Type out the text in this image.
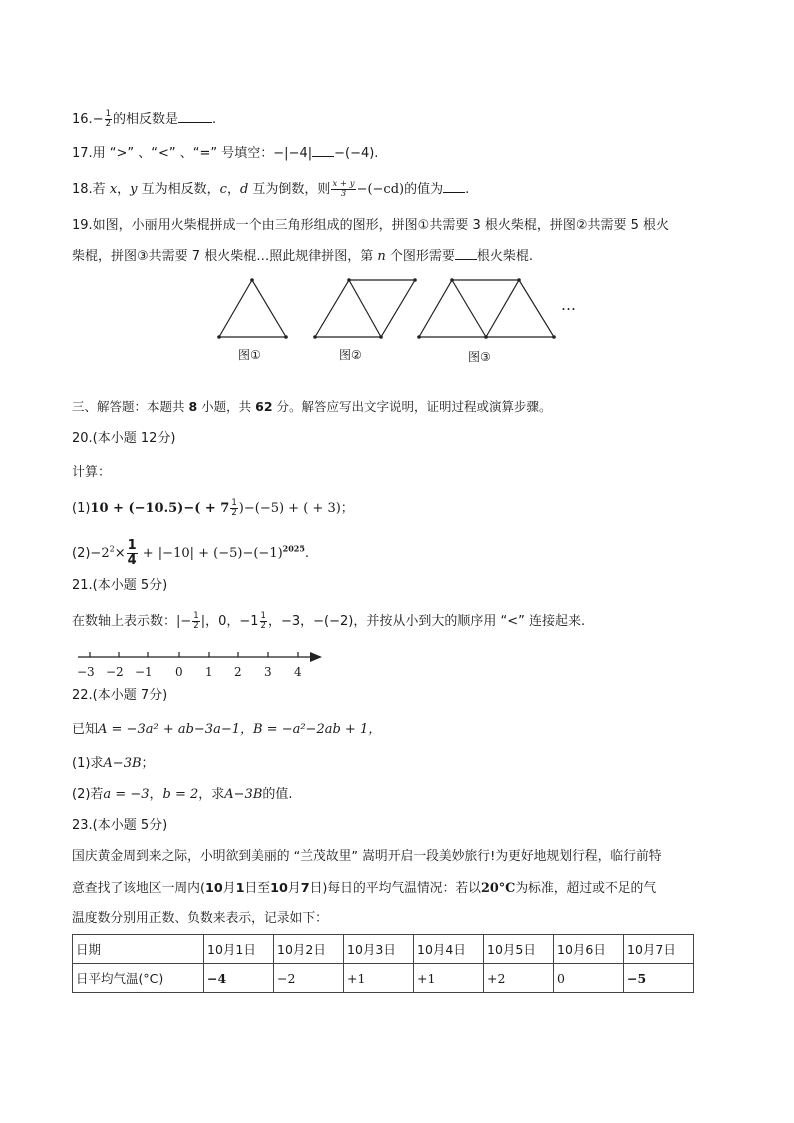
$16.- \frac{1}{2}$ 的相反数是	.
17.用 “>” 、“<” 、“=” 号填空：−|−4| −(−4).
18.若 x，y 互为相反数，c，d 互为倒数，则 $\frac{x + y}{3} -(-cd)$的值为 .
19.如图，小丽用火柴棍拼成一个由三角形组成的图形，拼图①共需要 3 根火柴棍，拼图②共需要 5 根火
柴棍，拼图③共需要 7 根火柴棍…照此规律拼图，第 n 个图形需要 根火柴棍.
图①	图②	图③
…
三、解答题：本题共 8 小题，共 62 分。解答应写出文字说明，证明过程或演算步骤。
20.(本小题 12分)
计算：
$(1)10 + (-10.5)-( + 7 \frac{1}{2} )-(-5)$ + ( + 3)；
$(2)-2^2\times \frac{1}{4} + |-10| + (-5)-(-1)^{2025}$.
21.(本小题 5分)
在数轴上表示数：|− $\frac{1}{2}$ |，0，$-1 \frac{1}{2}$ ，−3，−(−2)，并按从小到大的顺序用 “<” 连接起来.
−3 −2 −1 0 1 2 3 4
22.(本小题 7分)
已知A = −3a² + ab−3a−1，B = −a²−2ab + 1，
(1)求A−3B；
(2)若a = −3，b = 2，求A−3B的值.
23.(本小题 5分)
国庆黄金周到来之际，小明欲到美丽的 “兰茂故里” 嵩明开启一段美妙旅行!为更好地规划行程，临行前特
意查找了该地区一周内(10月1日至10月7日)每日的平均气温情况：若以20°C为标准，超过或不足的气
温度数分别用正数、负数来表示，记录如下：
日期	10月1日	10月2日	10月3日	10月4日	10月5日	10月6日	10月7日
日平均气温(°C)	−4	−2	+1	+1	+2	0	−5
